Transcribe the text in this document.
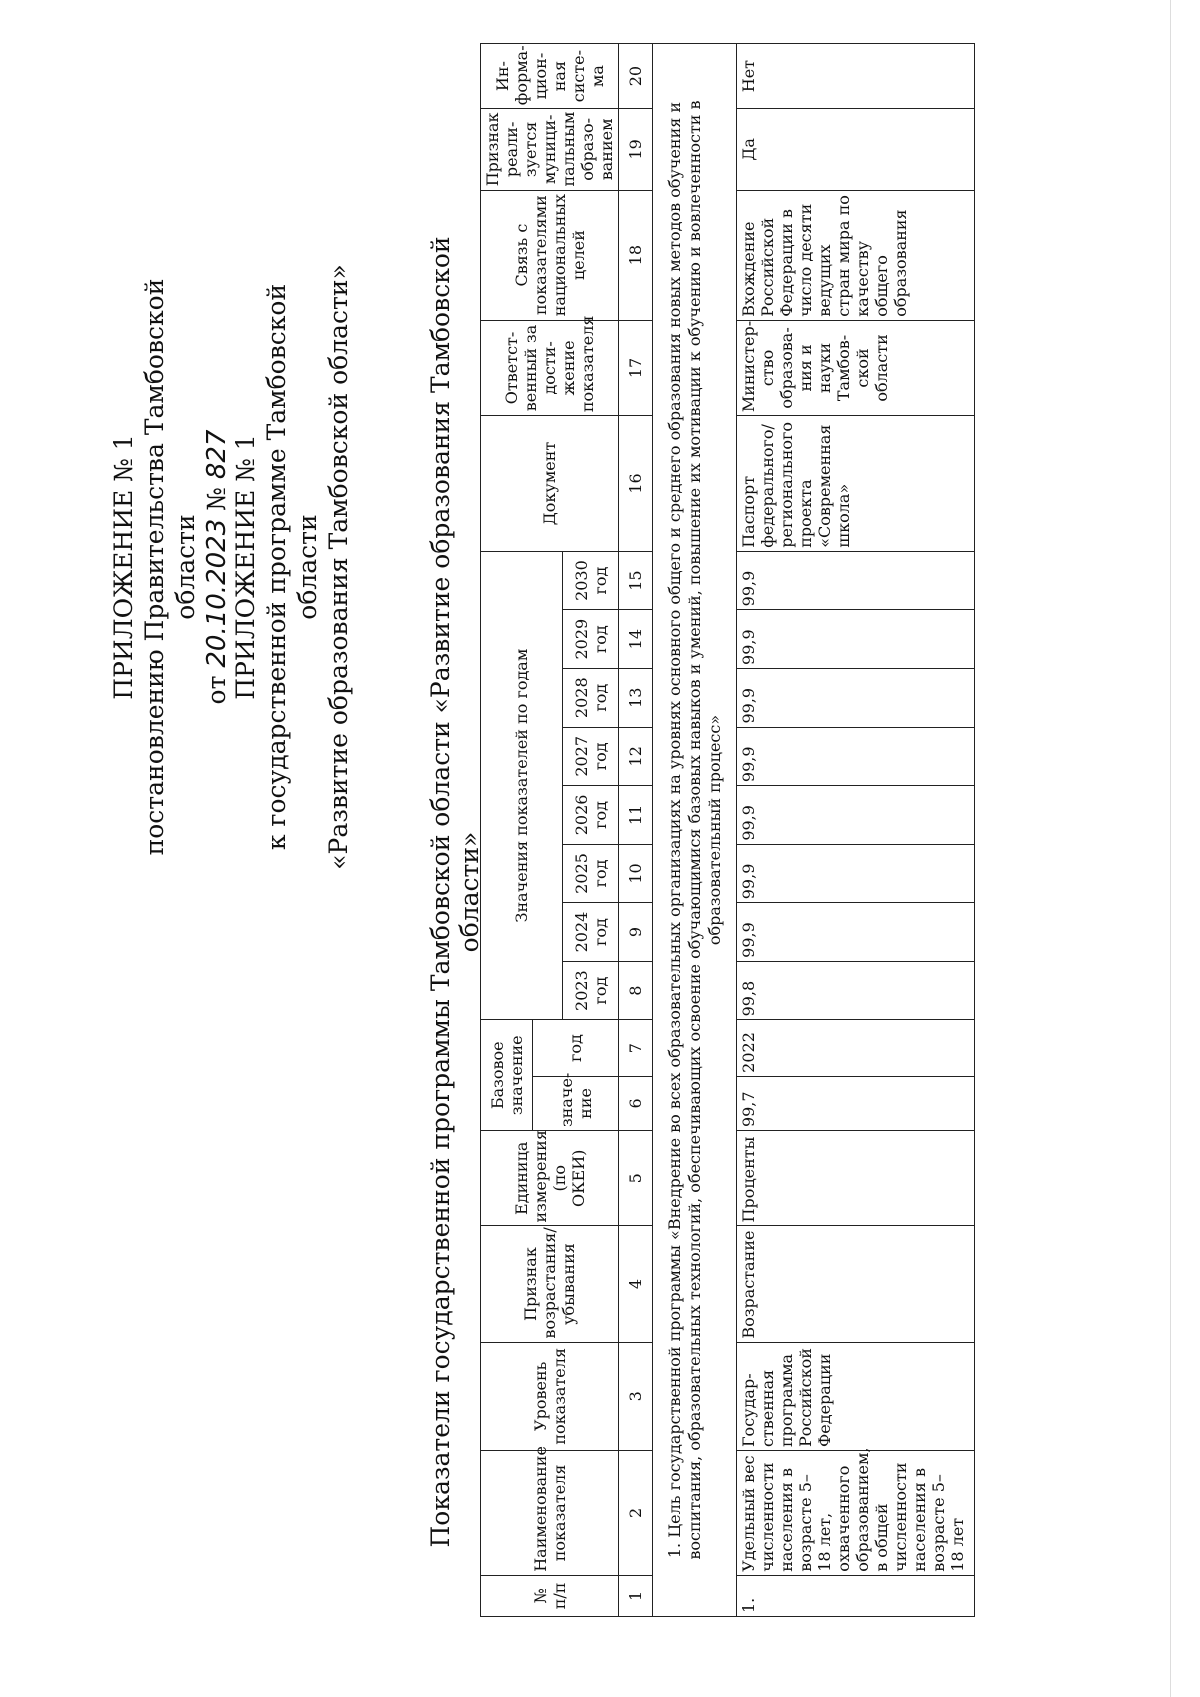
ПРИЛОЖЕНИЕ № 1 постановлению Правительства Тамбовской области
от 20.10.2023 № 827 ПРИЛОЖЕНИЕ № 1 к государственной программе Тамбовской области «Развитие образования Тамбовской области»	Показатели государственной программы Тамбовской области «Развитие образования Тамбовской области»
№ п/п	Наименование показателя	Уровень показателя	Признак возрастания/ убывания	Единица измерения (по ОКЕИ)	Базовое значение		Значения показателей по годам								Документ	Ответст- венный за дости- жение показателя	Связь с показателями национальных целей	Признак реали- зуется муници- пальным образо- ванием	Ин- форма- цион- ная систе- ма
					значе- ние	год													
							2023 год	2024 год	2025 год	2026 год	2027 год	2028 год	2029 год	2030 год					
1	2	3	4	5	6	7	8	9	10	11	12	13	14	15	16	17	18	19	20
1. Цель государственной программы «Внедрение во всех образовательных организациях на уровнях основного общего и среднего образования новых методов обучения и воспитания, образовательных технологий, обеспечивающих освоение обучающимися базовых навыков и умений, повышение их мотивации к обучению и вовлеченности в образовательный процесс»																			
1.	Удельный вес численности населения в возрасте 5–18 лет, охваченного образованием, в общей численности населения в возрасте 5–18 лет	Государ- ственная программа Российской Федерации	Возрастание	Проценты	99,7	2022	99,8	99,9	99,9	99,9	99,9	99,9	99,9	99,9	Паспорт федерального/ регионального проекта «Современная школа»	Министер- ство образова- ния и науки Тамбов- ской области	Вхождение Российской Федерации в число десяти ведущих стран мира по качеству общего образования	Да	Нет
